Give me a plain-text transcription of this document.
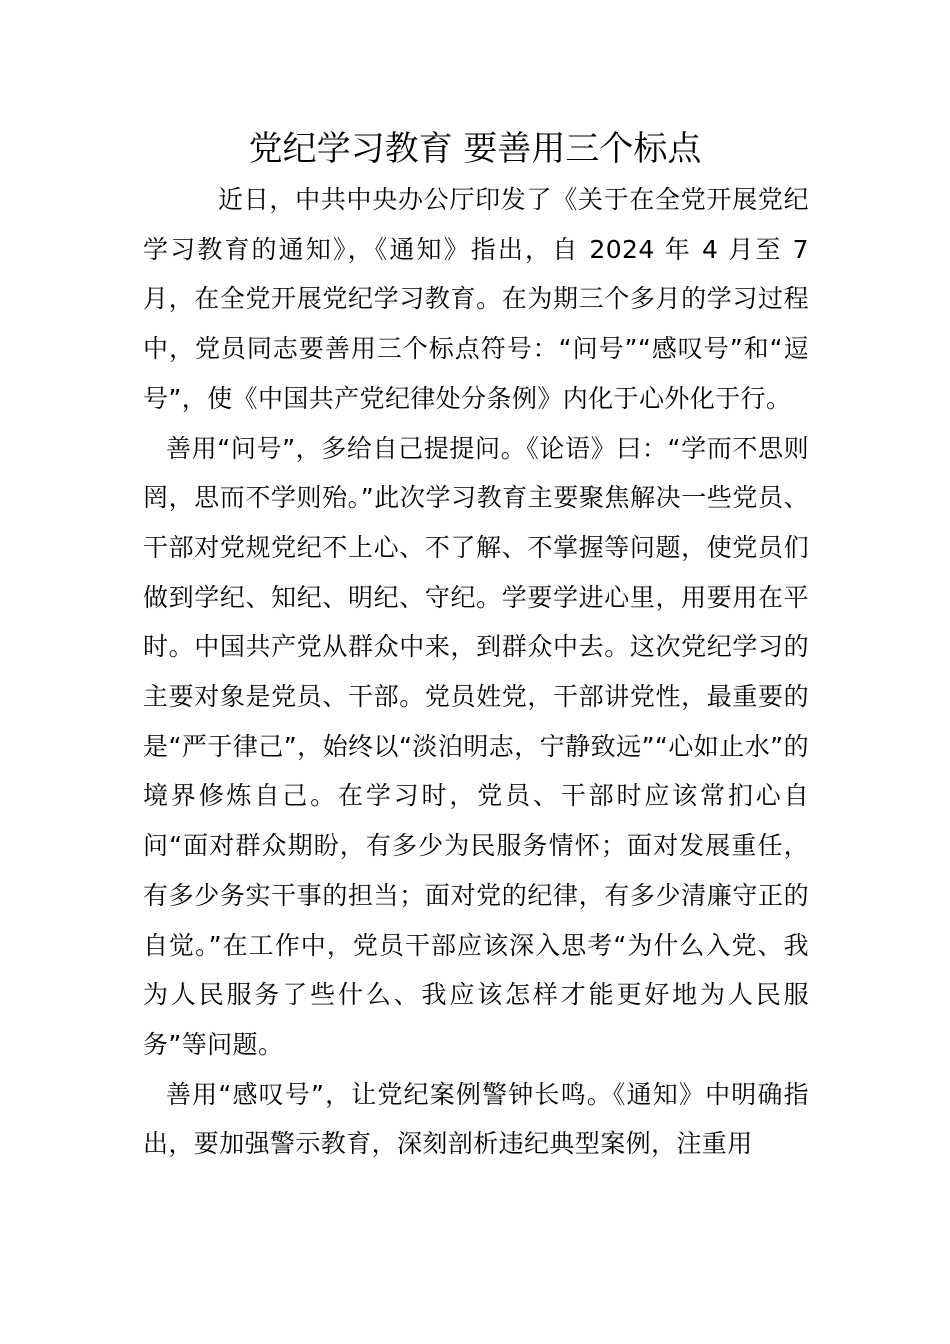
党纪学习教育 要善用三个标点

近日，中共中央办公厅印发了《关于在全党开展党纪学习教育的通知》，《通知》指出，自 2024 年 4 月至 7 月，在全党开展党纪学习教育。在为期三个多月的学习过程中，党员同志要善用三个标点符号：“问号”“感叹号”和“逗号”，使《中国共产党纪律处分条例》内化于心外化于行。

善用“问号”，多给自己提提问。《论语》曰：“学而不思则罔，思而不学则殆。”此次学习教育主要聚焦解决一些党员、干部对党规党纪不上心、不了解、不掌握等问题，使党员们做到学纪、知纪、明纪、守纪。学要学进心里，用要用在平时。中国共产党从群众中来，到群众中去。这次党纪学习的主要对象是党员、干部。党员姓党，干部讲党性，最重要的是“严于律己”，始终以“淡泊明志，宁静致远”“心如止水”的境界修炼自己。在学习时，党员、干部时应该常扪心自问“面对群众期盼，有多少为民服务情怀；面对发展重任，有多少务实干事的担当；面对党的纪律，有多少清廉守正的自觉。”在工作中，党员干部应该深入思考“为什么入党、我为人民服务了些什么、我应该怎样才能更好地为人民服务”等问题。

善用“感叹号”，让党纪案例警钟长鸣。《通知》中明确指出，要加强警示教育，深刻剖析违纪典型案例，注重用
